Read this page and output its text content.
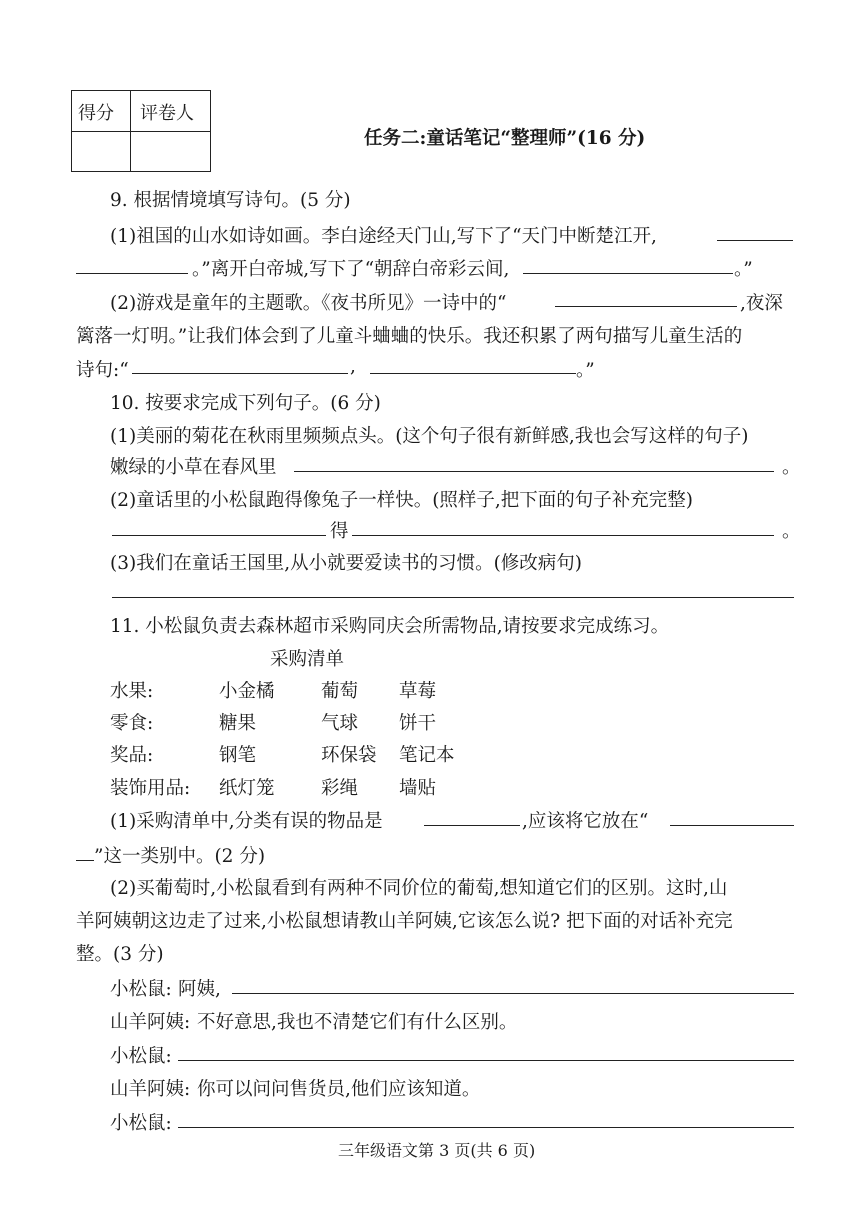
得分 评卷人
任务二:童话笔记“整理师”(16 分)
9. 根据情境填写诗句。(5 分)
(1)祖国的山水如诗如画。李白途经天门山,写下了“天门中断楚江开,
。”离开白帝城,写下了“朝辞白帝彩云间,	。”
(2)游戏是童年的主题歌。《夜书所见》一诗中的“	,夜深
篱落一灯明。”让我们体会到了儿童斗蛐蛐的快乐。我还积累了两句描写儿童生活的
诗句:“	,	。”
10. 按要求完成下列句子。(6 分)
(1)美丽的菊花在秋雨里频频点头。(这个句子很有新鲜感,我也会写这样的句子)
嫩绿的小草在春风里	。
(2)童话里的小松鼠跑得像兔子一样快。(照样子,把下面的句子补充完整)
得	。
(3)我们在童话王国里,从小就要爱读书的习惯。(修改病句)
11. 小松鼠负责去森林超市采购同庆会所需物品,请按要求完成练习。
采购清单
水果:	小金橘	葡萄 草莓
零食:	糖果	气球 饼干
奖品:	钢笔	环保袋 笔记本
装饰用品: 纸灯笼	彩绳 墙贴
(1)采购清单中,分类有误的物品是	,应该将它放在“
”这一类别中。(2 分)
(2)买葡萄时,小松鼠看到有两种不同价位的葡萄,想知道它们的区别。这时,山
羊阿姨朝这边走了过来,小松鼠想请教山羊阿姨,它该怎么说? 把下面的对话补充完
整。(3 分)
小松鼠: 阿姨,
山羊阿姨: 不好意思,我也不清楚它们有什么区别。
小松鼠:
山羊阿姨: 你可以问问售货员,他们应该知道。
小松鼠:
三年级语文第 3 页(共 6 页)
